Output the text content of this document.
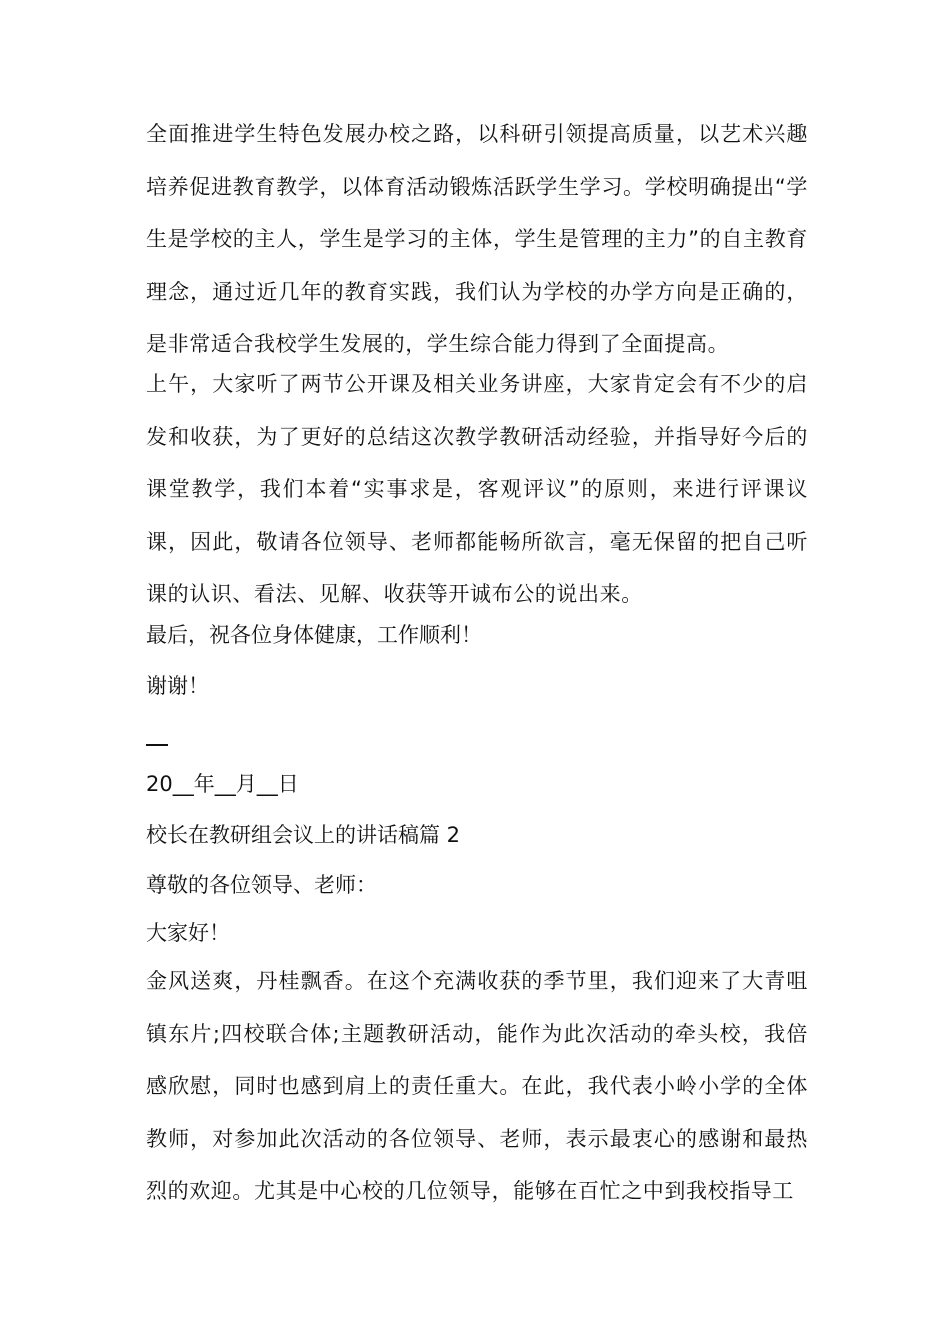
全面推进学生特色发展办校之路，以科研引领提高质量，以艺术兴趣培养促进教育教学，以体育活动锻炼活跃学生学习。学校明确提出“学生是学校的主人，学生是学习的主体，学生是管理的主力”的自主教育理念，通过近几年的教育实践，我们认为学校的办学方向是正确的，是非常适合我校学生发展的，学生综合能力得到了全面提高。

上午，大家听了两节公开课及相关业务讲座，大家肯定会有不少的启发和收获，为了更好的总结这次教学教研活动经验，并指导好今后的课堂教学，我们本着“实事求是，客观评议”的原则，来进行评课议课，因此，敬请各位领导、老师都能畅所欲言，毫无保留的把自己听课的认识、看法、见解、收获等开诚布公的说出来。

最后，祝各位身体健康，工作顺利！

谢谢！

20__年__月__日

校长在教研组会议上的讲话稿篇 2

尊敬的各位领导、老师：

大家好！

金风送爽，丹桂飘香。在这个充满收获的季节里，我们迎来了大青咀镇东片;四校联合体;主题教研活动，能作为此次活动的牵头校，我倍感欣慰，同时也感到肩上的责任重大。在此，我代表小岭小学的全体教师，对参加此次活动的各位领导、老师，表示最衷心的感谢和最热烈的欢迎。尤其是中心校的几位领导，能够在百忙之中到我校指导工
